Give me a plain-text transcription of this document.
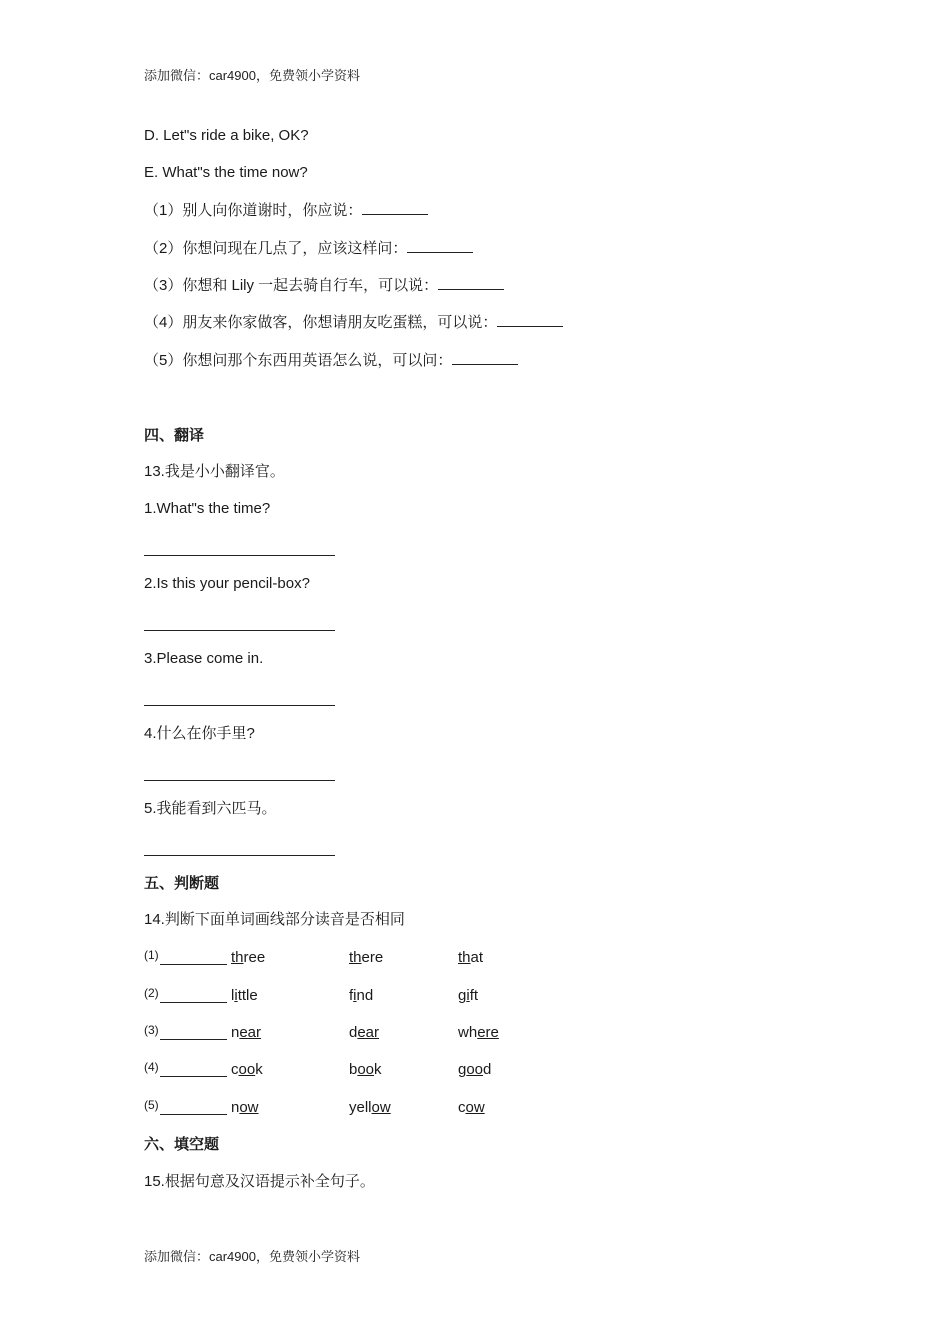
添加微信：car4900，免费领小学资料
D. Let"s ride a bike, OK?
E. What"s the time now?
（1）别人向你道谢时，你应说：
（2）你想问现在几点了，应该这样问：
（3）你想和 Lily 一起去骑自行车，可以说：
（4）朋友来你家做客，你想请朋友吃蛋糕，可以说：
（5）你想问那个东西用英语怎么说，可以问：
四、翻译
13.我是小小翻译官。
1.What"s the time?
2.Is this your pencil-box?
3.Please come in.
4.什么在你手里?
5.我能看到六匹马。
五、判断题
14.判断下面单词画线部分读音是否相同
(1)	three	there	that
(2)	little	find	gift
(3)	near	dear	where
(4)	cook	book	good
(5)	now	yellow	cow
六、填空题
15.根据句意及汉语提示补全句子。
添加微信：car4900，免费领小学资料
